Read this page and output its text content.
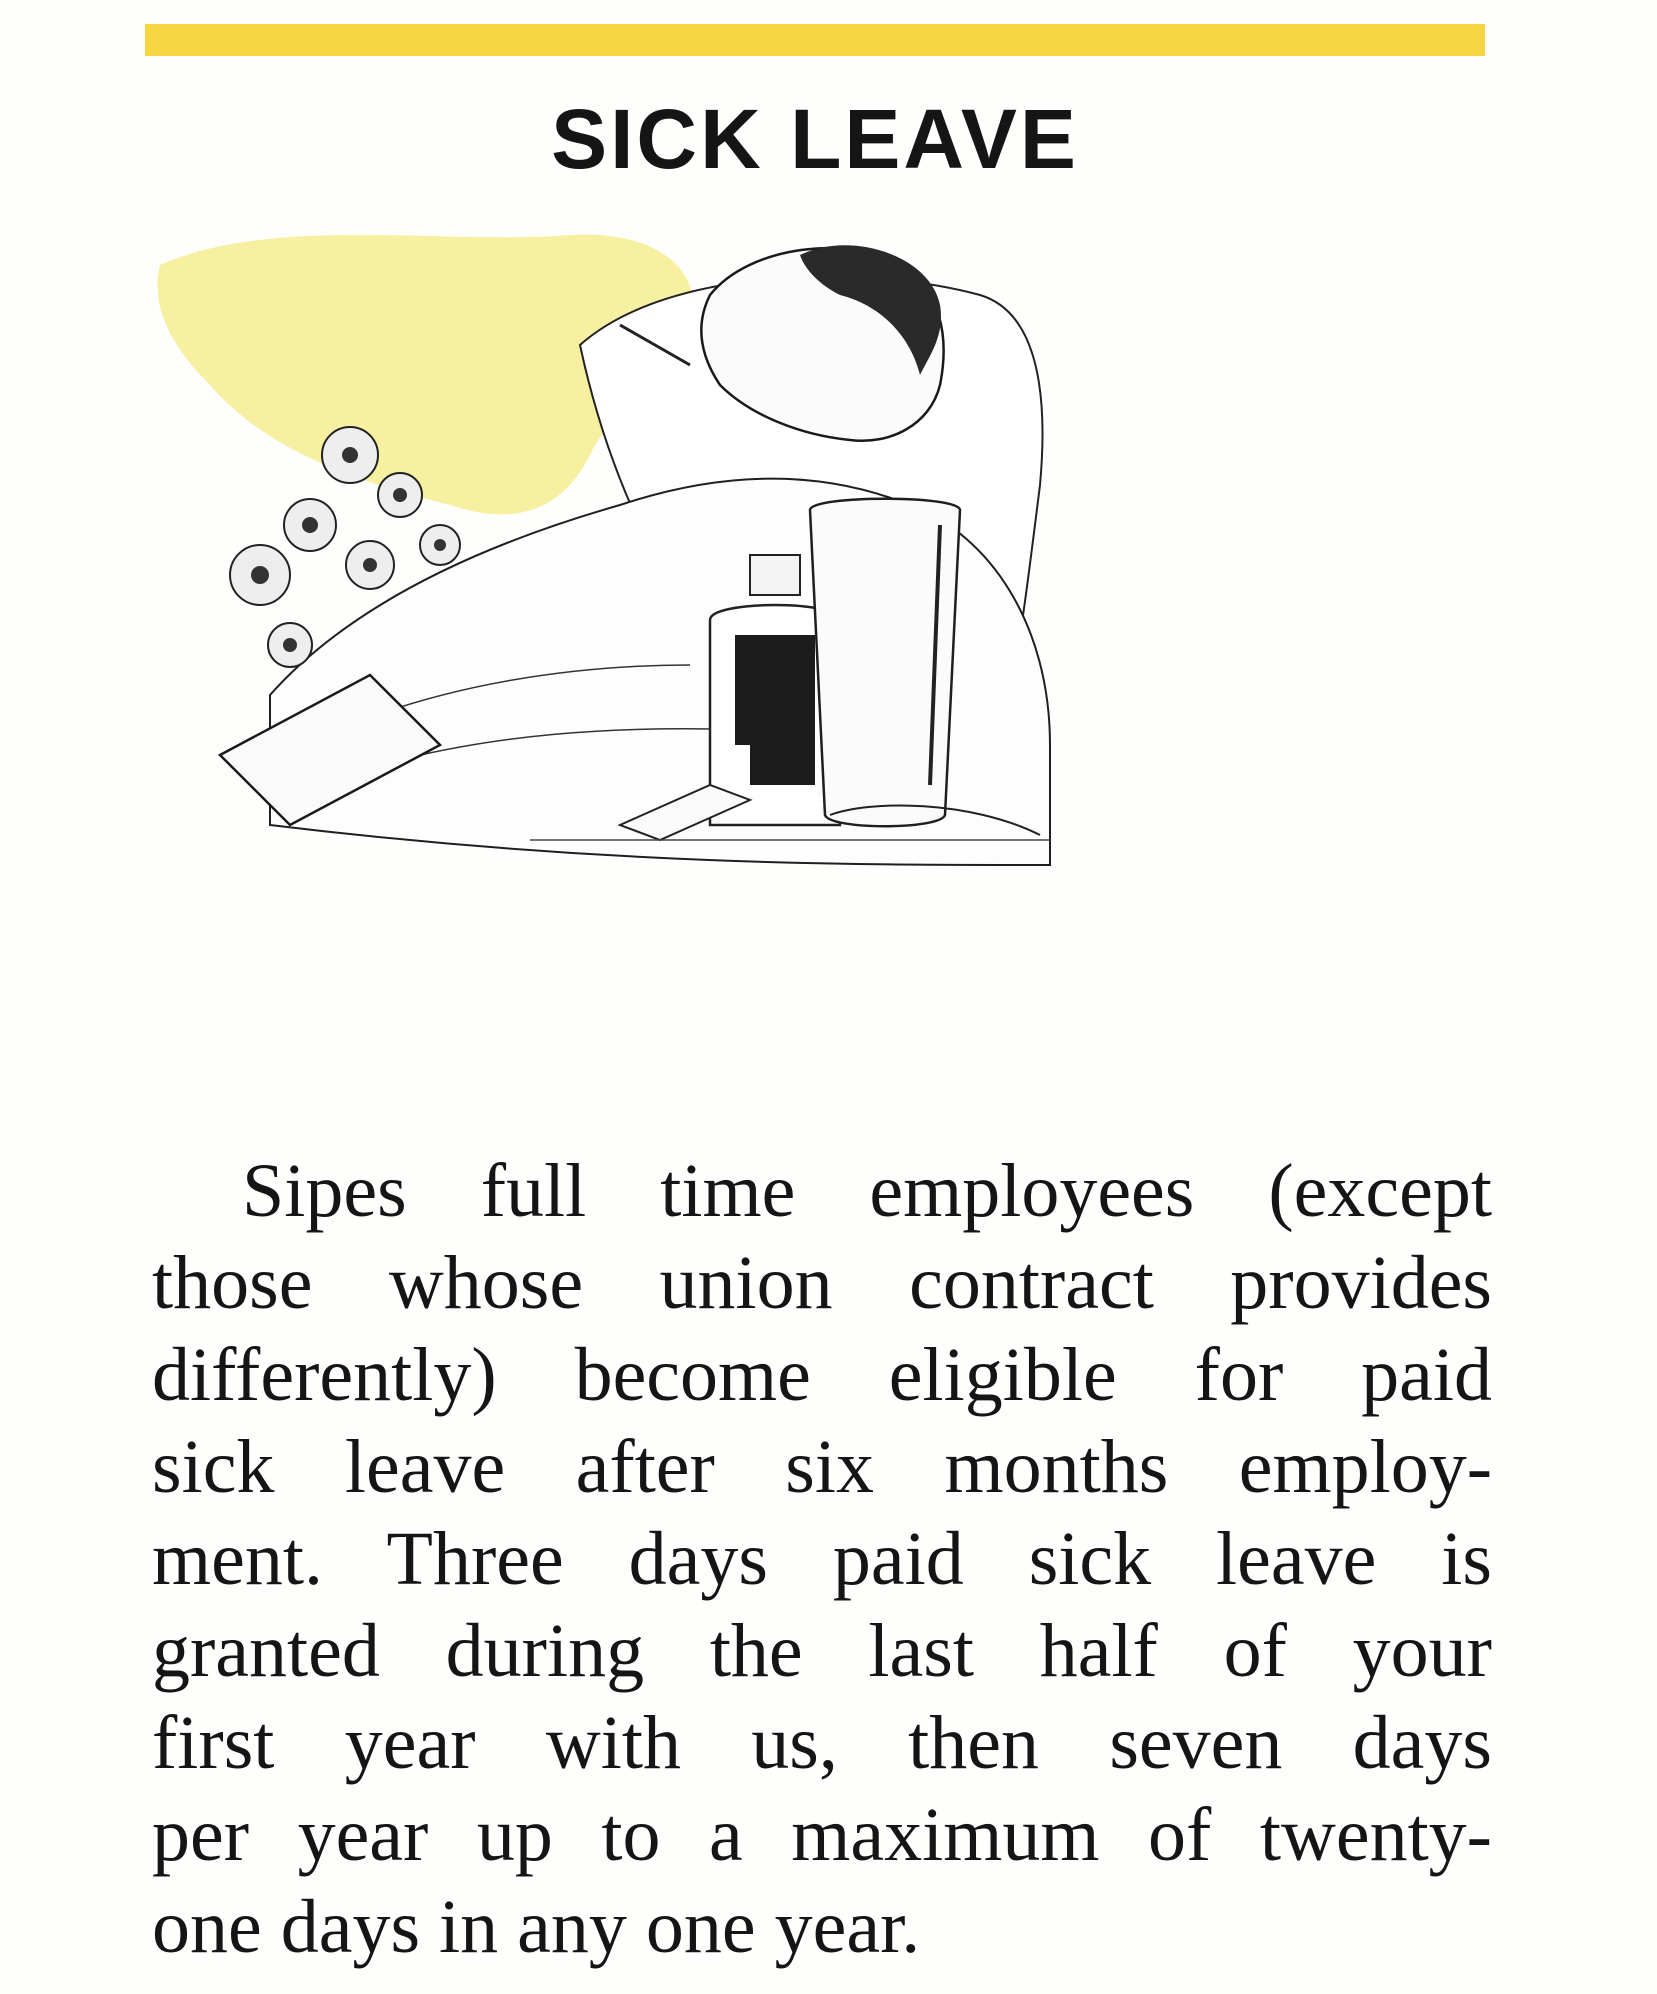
SICK LEAVE
Sipes full time employees (except
those whose union contract provides
differently) become eligible for paid
sick leave after six months employ-
ment. Three days paid sick leave is
granted during the last half of your
first year with us, then seven days
per year up to a maximum of twenty-
one days in any one year.
